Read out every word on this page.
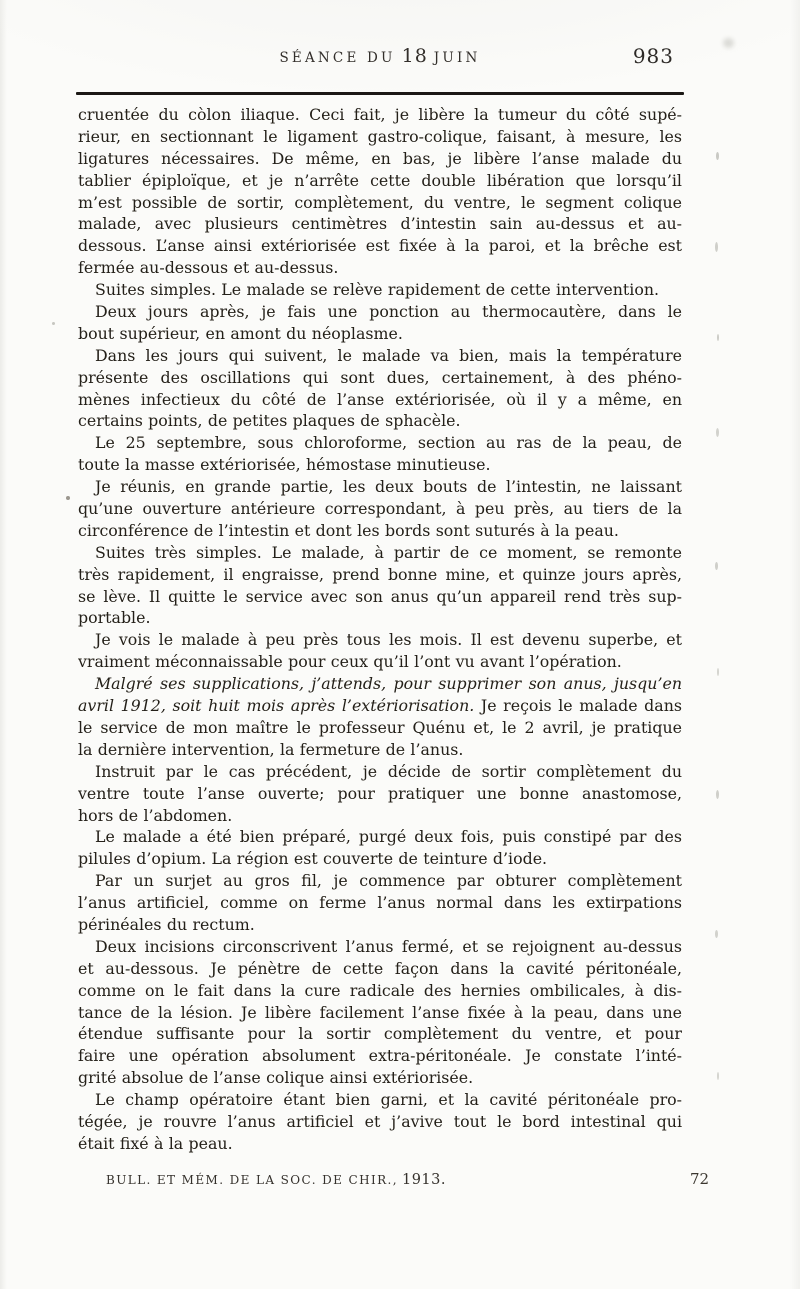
SÉANCE DU 18 JUIN	983
cruentée du còlon iliaque. Ceci fait, je libère la tumeur du côté supé-
rieur, en sectionnant le ligament gastro-colique, faisant, à mesure, les
ligatures nécessaires. De même, en bas, je libère l’anse malade du
tablier épiploïque, et je n’arrête cette double libération que lorsqu’il
m’est possible de sortir, complètement, du ventre, le segment colique
malade, avec plusieurs centimètres d’intestin sain au-dessus et au-
dessous. L’anse ainsi extériorisée est fixée à la paroi, et la brêche est
fermée au-dessous et au-dessus.
Suites simples. Le malade se relève rapidement de cette intervention.
Deux jours après, je fais une ponction au thermocautère, dans le
bout supérieur, en amont du néoplasme.
Dans les jours qui suivent, le malade va bien, mais la température
présente des oscillations qui sont dues, certainement, à des phéno-
mènes infectieux du côté de l’anse extériorisée, où il y a même, en
certains points, de petites plaques de sphacèle.
Le 25 septembre, sous chloroforme, section au ras de la peau, de
toute la masse extériorisée, hémostase minutieuse.
Je réunis, en grande partie, les deux bouts de l’intestin, ne laissant
qu’une ouverture antérieure correspondant, à peu près, au tiers de la
circonférence de l’intestin et dont les bords sont suturés à la peau.
Suites très simples. Le malade, à partir de ce moment, se remonte
très rapidement, il engraisse, prend bonne mine, et quinze jours après,
se lève. Il quitte le service avec son anus qu’un appareil rend très sup-
portable.
Je vois le malade à peu près tous les mois. Il est devenu superbe, et
vraiment méconnaissable pour ceux qu’il l’ont vu avant l’opération.
Malgré ses supplications, j’attends, pour supprimer son anus, jusqu’en
avril 1912, soit huit mois après l’extériorisation. Je reçois le malade dans
le service de mon maître le professeur Quénu et, le 2 avril, je pratique
la dernière intervention, la fermeture de l’anus.
Instruit par le cas précédent, je décide de sortir complètement du
ventre toute l’anse ouverte; pour pratiquer une bonne anastomose,
hors de l’abdomen.
Le malade a été bien préparé, purgé deux fois, puis constipé par des
pilules d’opium. La région est couverte de teinture d’iode.
Par un surjet au gros fil, je commence par obturer complètement
l’anus artificiel, comme on ferme l’anus normal dans les extirpations
périnéales du rectum.
Deux incisions circonscrivent l’anus fermé, et se rejoignent au-dessus
et au-dessous. Je pénètre de cette façon dans la cavité péritonéale,
comme on le fait dans la cure radicale des hernies ombilicales, à dis-
tance de la lésion. Je libère facilement l’anse fixée à la peau, dans une
étendue suffisante pour la sortir complètement du ventre, et pour
faire une opération absolument extra-péritonéale. Je constate l’inté-
grité absolue de l’anse colique ainsi extériorisée.
Le champ opératoire étant bien garni, et la cavité péritonéale pro-
tégée, je rouvre l’anus artificiel et j’avive tout le bord intestinal qui
était fixé à la peau.
BULL. ET MÉM. DE LA SOC. DE CHIR., 1913.	72
